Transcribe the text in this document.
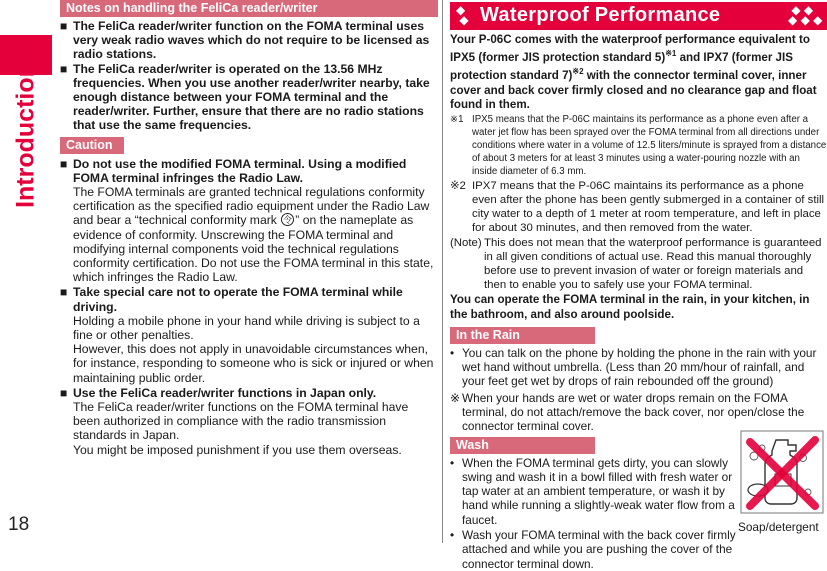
Introduction
18
Notes on handling the FeliCa reader/writer

■ The FeliCa reader/writer function on the FOMA terminal uses very weak radio waves which do not require to be licensed as radio stations.

■ The FeliCa reader/writer is operated on the 13.56 MHz frequencies. When you use another reader/writer nearby, take enough distance between your FOMA terminal and the reader/writer. Further, ensure that there are no radio stations that use the same frequencies.

Caution

■ Do not use the modified FOMA terminal. Using a modified FOMA terminal infringes the Radio Law.

The FOMA terminals are granted technical regulations conformity certification as the specified radio equipment under the Radio Law and bear a “technical conformity mark 令 ” on the nameplate as evidence of conformity. Unscrewing the FOMA terminal and modifying internal components void the technical regulations conformity certification. Do not use the FOMA terminal in this state, which infringes the Radio Law.

■ Take special care not to operate the FOMA terminal while driving.

Holding a mobile phone in your hand while driving is subject to a fine or other penalties.

However, this does not apply in unavoidable circumstances when, for instance, responding to someone who is sick or injured or when maintaining public order.

■ Use the FeliCa reader/writer functions in Japan only.

The FeliCa reader/writer functions on the FOMA terminal have been authorized in compliance with the radio transmission standards in Japan.

You might be imposed punishment if you use them overseas.

◆
◆ Waterproof Performance	◆ ◆
◆ ◆ ◆

Your P-06C comes with the waterproof performance equivalent to IPX5 (former JIS protection standard 5)$^{※1}$ and IPX7 (former JIS protection standard 7)$^{※2}$ with the connector terminal cover, inner cover and back cover firmly closed and no clearance gap and float found in them.

※1 IPX5 means that the P-06C maintains its performance as a phone even after a water jet flow has been sprayed over the FOMA terminal from all directions under conditions where water in a volume of 12.5 liters/minute is sprayed from a distance of about 3 meters for at least 3 minutes using a water-pouring nozzle with an inside diameter of 6.3 mm.

※2 IPX7 means that the P-06C maintains its performance as a phone even after the phone has been gently submerged in a container of still city water to a depth of 1 meter at room temperature, and left in place for about 30 minutes, and then removed from the water.

(Note) This does not mean that the waterproof performance is guaranteed in all given conditions of actual use. Read this manual thoroughly before use to prevent invasion of water or foreign materials and then to enable you to safely use your FOMA terminal.

You can operate the FOMA terminal in the rain, in your kitchen, in the bathroom, and also around poolside.

In the Rain

• You can talk on the phone by holding the phone in the rain with your wet hand without umbrella. (Less than 20 mm/hour of rainfall, and your feet get wet by drops of rain rebounded off the ground)

※ When your hands are wet or water drops remain on the FOMA terminal, do not attach/remove the back cover, nor open/close the connector terminal cover.

Wash

• When the FOMA terminal gets dirty, you can slowly swing and wash it in a bowl filled with fresh water or tap water at an ambient temperature, or wash it by hand while running a slightly-weak water flow from a faucet.

• Wash your FOMA terminal with the back cover firmly attached and while you are pushing the cover of the connector terminal down.

Soap/detergent
